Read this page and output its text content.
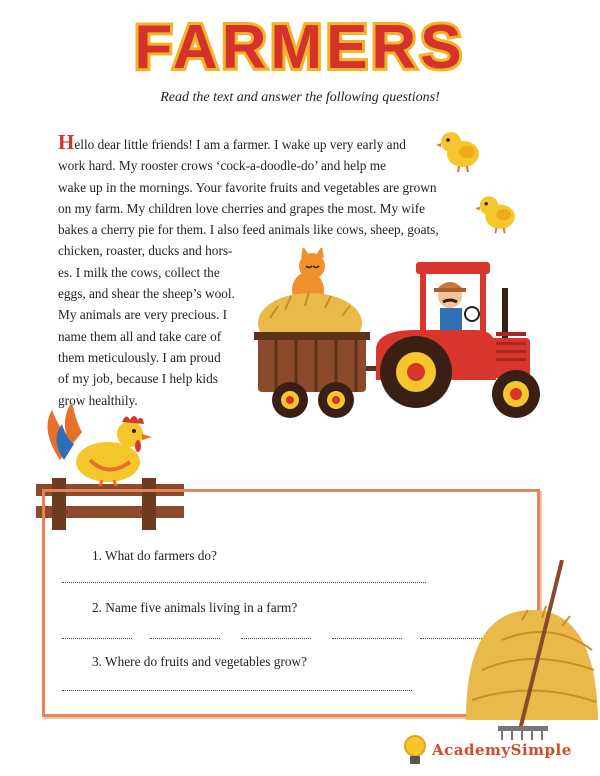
FARMERS
Read the text and answer the following questions!
Hello dear little friends! I am a farmer. I wake up very early and
work hard. My rooster crows ‘cock-a-doodle-do’ and help me
wake up in the mornings. Your favorite fruits and vegetables are grown
on my farm. My children love cherries and grapes the most. My wife
bakes a cherry pie for them. I also feed animals like cows, sheep, goats,
chicken, roaster, ducks and hors-
es. I milk the cows, collect the
eggs, and shear the sheep’s wool.
My animals are very precious. I
name them all and take care of
them meticulously. I am proud
of my job, because I help kids
grow healthily.
1. What do farmers do?
2. Name five animals living in a farm?
3. Where do fruits and vegetables grow?
AcademySimple
